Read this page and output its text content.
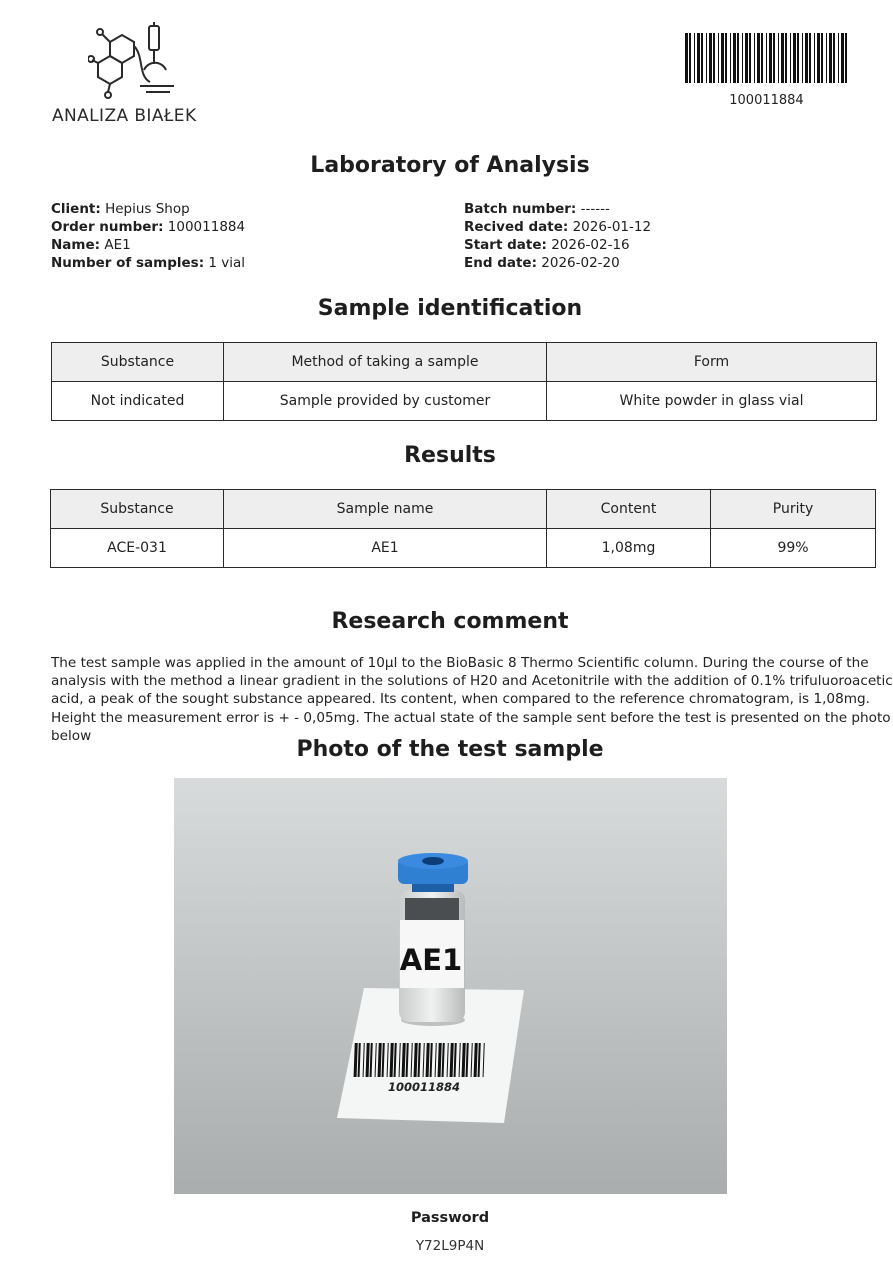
ANALIZA BIAŁEK
100011884
Laboratory of Analysis
Client: Hepius Shop
Order number: 100011884
Name: AE1
Number of samples: 1 vial
Batch number: ------
Recived date: 2026-01-12
Start date: 2026-02-16
End date: 2026-02-20
Sample identification
Substance	Method of taking a sample	Form
Not indicated	Sample provided by customer	White powder in glass vial
Results
Substance	Sample name	Content	Purity
ACE-031	AE1	1,08mg	99%
Research comment
The test sample was applied in the amount of 10µl to the BioBasic 8 Thermo Scientific column. During the course of the analysis with the method a linear gradient in the solutions of H20 and Acetonitrile with the addition of 0.1% trifuluoroacetic acid, a peak of the sought substance appeared. Its content, when compared to the reference chromatogram, is 1,08mg. Height the measurement error is + - 0,05mg. The actual state of the sample sent before the test is presented on the photo below
Photo of the test sample
AE1
100011884
Password
Y72L9P4N
